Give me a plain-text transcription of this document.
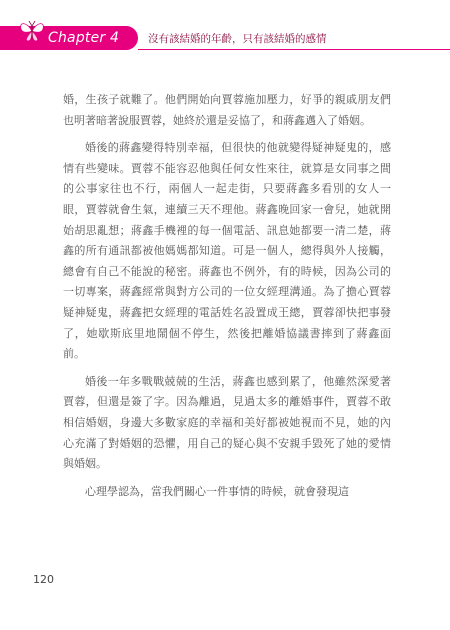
Chapter 4	沒有該結婚的年齡，只有該結婚的感情

婚，生孩子就難了。他們開始向賈蓉施加壓力，好爭的親戚朋友們也明著暗著說服賈蓉，她終於還是妥協了，和蔣鑫邁入了婚姻。

婚後的蔣鑫變得特別幸福，但很快的他就變得疑神疑鬼的，感情有些變味。賈蓉不能容忍他與任何女性來往，就算是女同事之間的公事家往也不行，兩個人一起走街，只要蔣鑫多看別的女人一眼，賈蓉就會生氣，連續三天不理他。蔣鑫晚回家一會兒，她就開始胡思亂想；蔣鑫手機裡的每一個電話、訊息她都要一清二楚，蔣鑫的所有通訊都被他媽媽都知道。可是一個人，總得與外人接觸，總會有自己不能說的秘密。蔣鑫也不例外，有的時候，因為公司的一切專案，蔣鑫經常與對方公司的一位女經理溝通。為了擔心賈蓉疑神疑鬼，蔣鑫把女經理的電話姓名設置成王總，賈蓉卻快把事發了，她歇斯底里地鬧個不停生，然後把離婚協議書摔到了蔣鑫面前。

婚後一年多戰戰兢兢的生活，蔣鑫也感到累了，他雖然深愛著賈蓉，但還是簽了字。因為離過，見過太多的離婚事件，賈蓉不敢相信婚姻，身邊大多數家庭的幸福和美好都被她視而不見，她的內心充滿了對婚姻的恐懼，用自己的疑心與不安親手毀死了她的愛情與婚姻。

心理學認為，當我們關心一件事情的時候，就會發現這

120
